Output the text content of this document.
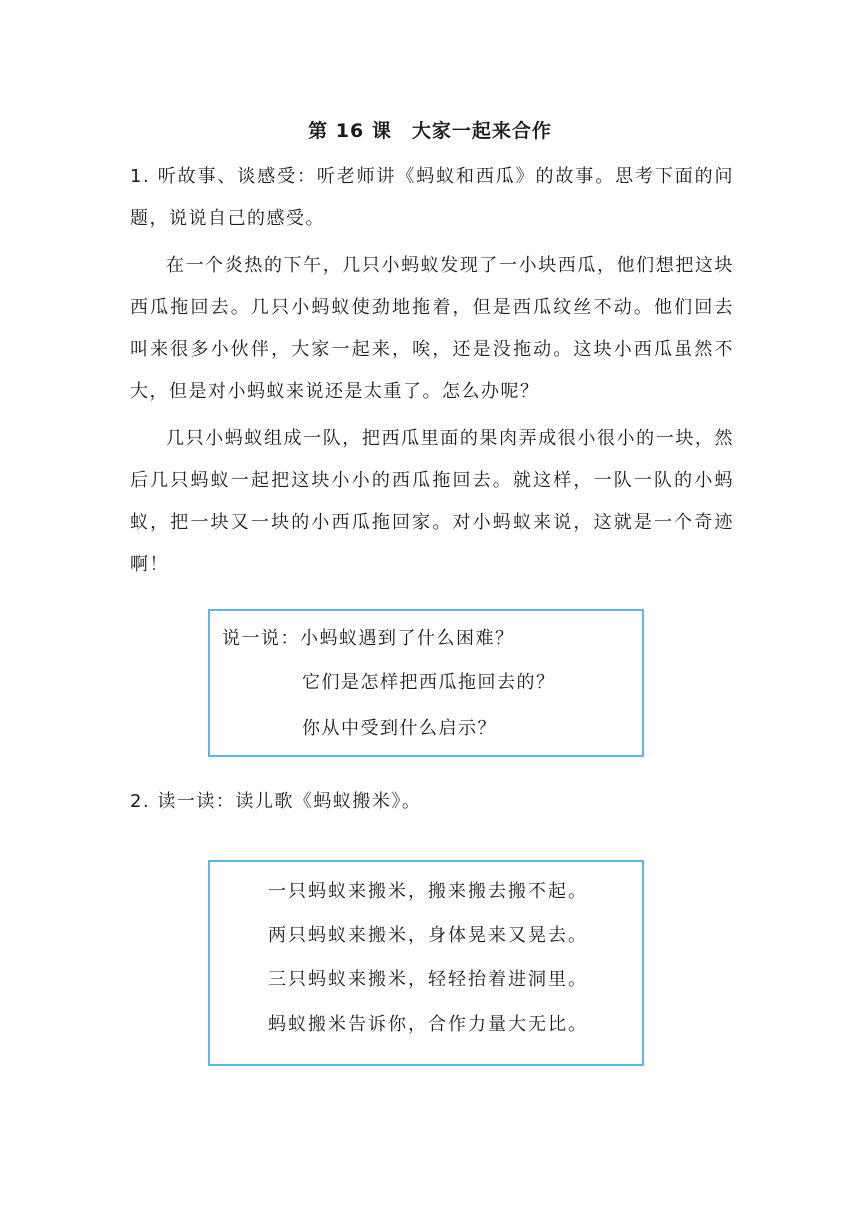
第 16 课　大家一起来合作

1. 听故事、谈感受：听老师讲《蚂蚁和西瓜》的故事。思考下面的问题，说说自己的感受。

在一个炎热的下午，几只小蚂蚁发现了一小块西瓜，他们想把这块西瓜拖回去。几只小蚂蚁使劲地拖着，但是西瓜纹丝不动。他们回去叫来很多小伙伴，大家一起来，唉，还是没拖动。这块小西瓜虽然不大，但是对小蚂蚁来说还是太重了。怎么办呢？

几只小蚂蚁组成一队，把西瓜里面的果肉弄成很小很小的一块，然后几只蚂蚁一起把这块小小的西瓜拖回去。就这样，一队一队的小蚂蚁，把一块又一块的小西瓜拖回家。对小蚂蚁来说，这就是一个奇迹啊！

说一说：小蚂蚁遇到了什么困难？
它们是怎样把西瓜拖回去的？
你从中受到什么启示？
2. 读一读：读儿歌《蚂蚁搬米》。
一只蚂蚁来搬米，搬来搬去搬不起。
两只蚂蚁来搬米，身体晃来又晃去。
三只蚂蚁来搬米，轻轻抬着进洞里。
蚂蚁搬米告诉你，合作力量大无比。
